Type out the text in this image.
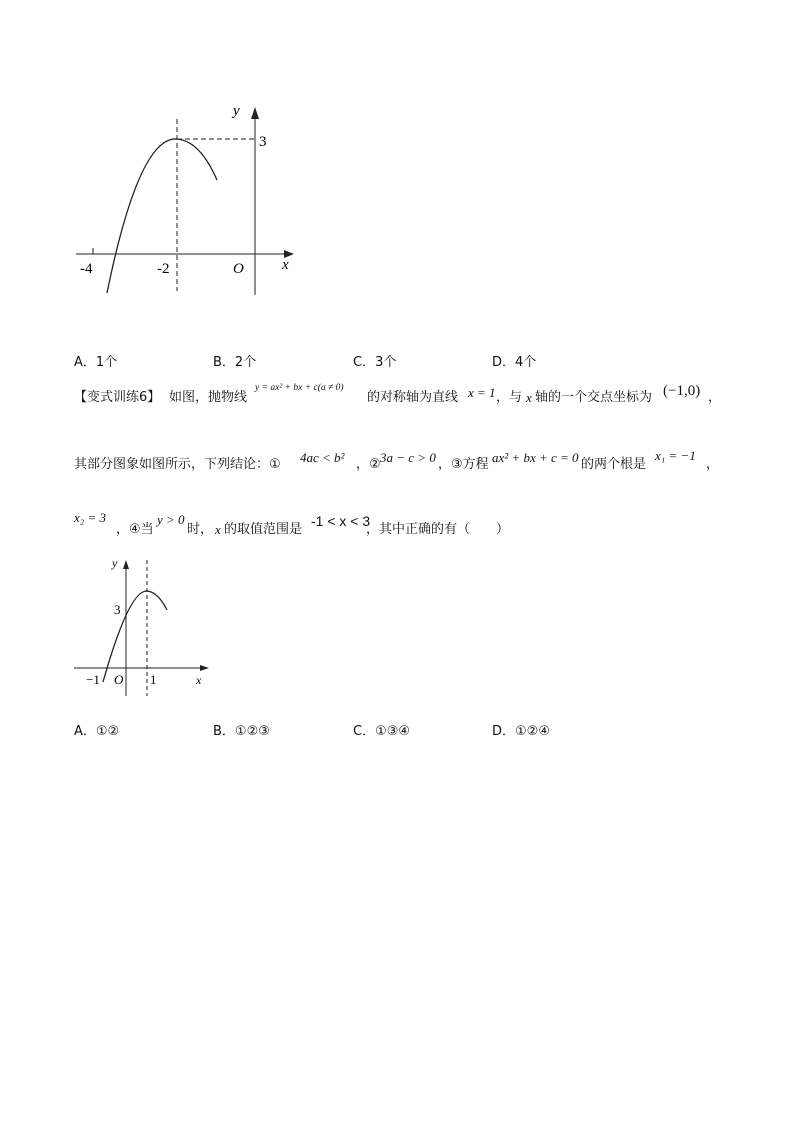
y
3
-4	-2	O	x
A．1个	B．2个	C．3个	D．4个
【变式训练6】 如图，抛物线
y = ax² + bx + c(a ≠ 0)
的对称轴为直线 x = 1 ，与 x 轴的一个交点坐标为 (−1,0) ，
其部分图象如图所示，下列结论：① 4ac < b² ，② 3a − c > 0 ，③方程 ax² + bx + c = 0 的两个根是
x₁ = −1
，
x₂ = 3
，④当
y > 0
时， x 的取值范围是
-1 < x < 3
，其中正确的有（　　）
y
3
−1 O 1	x
A．①②	B．①②③	C．①③④	D．①②④
